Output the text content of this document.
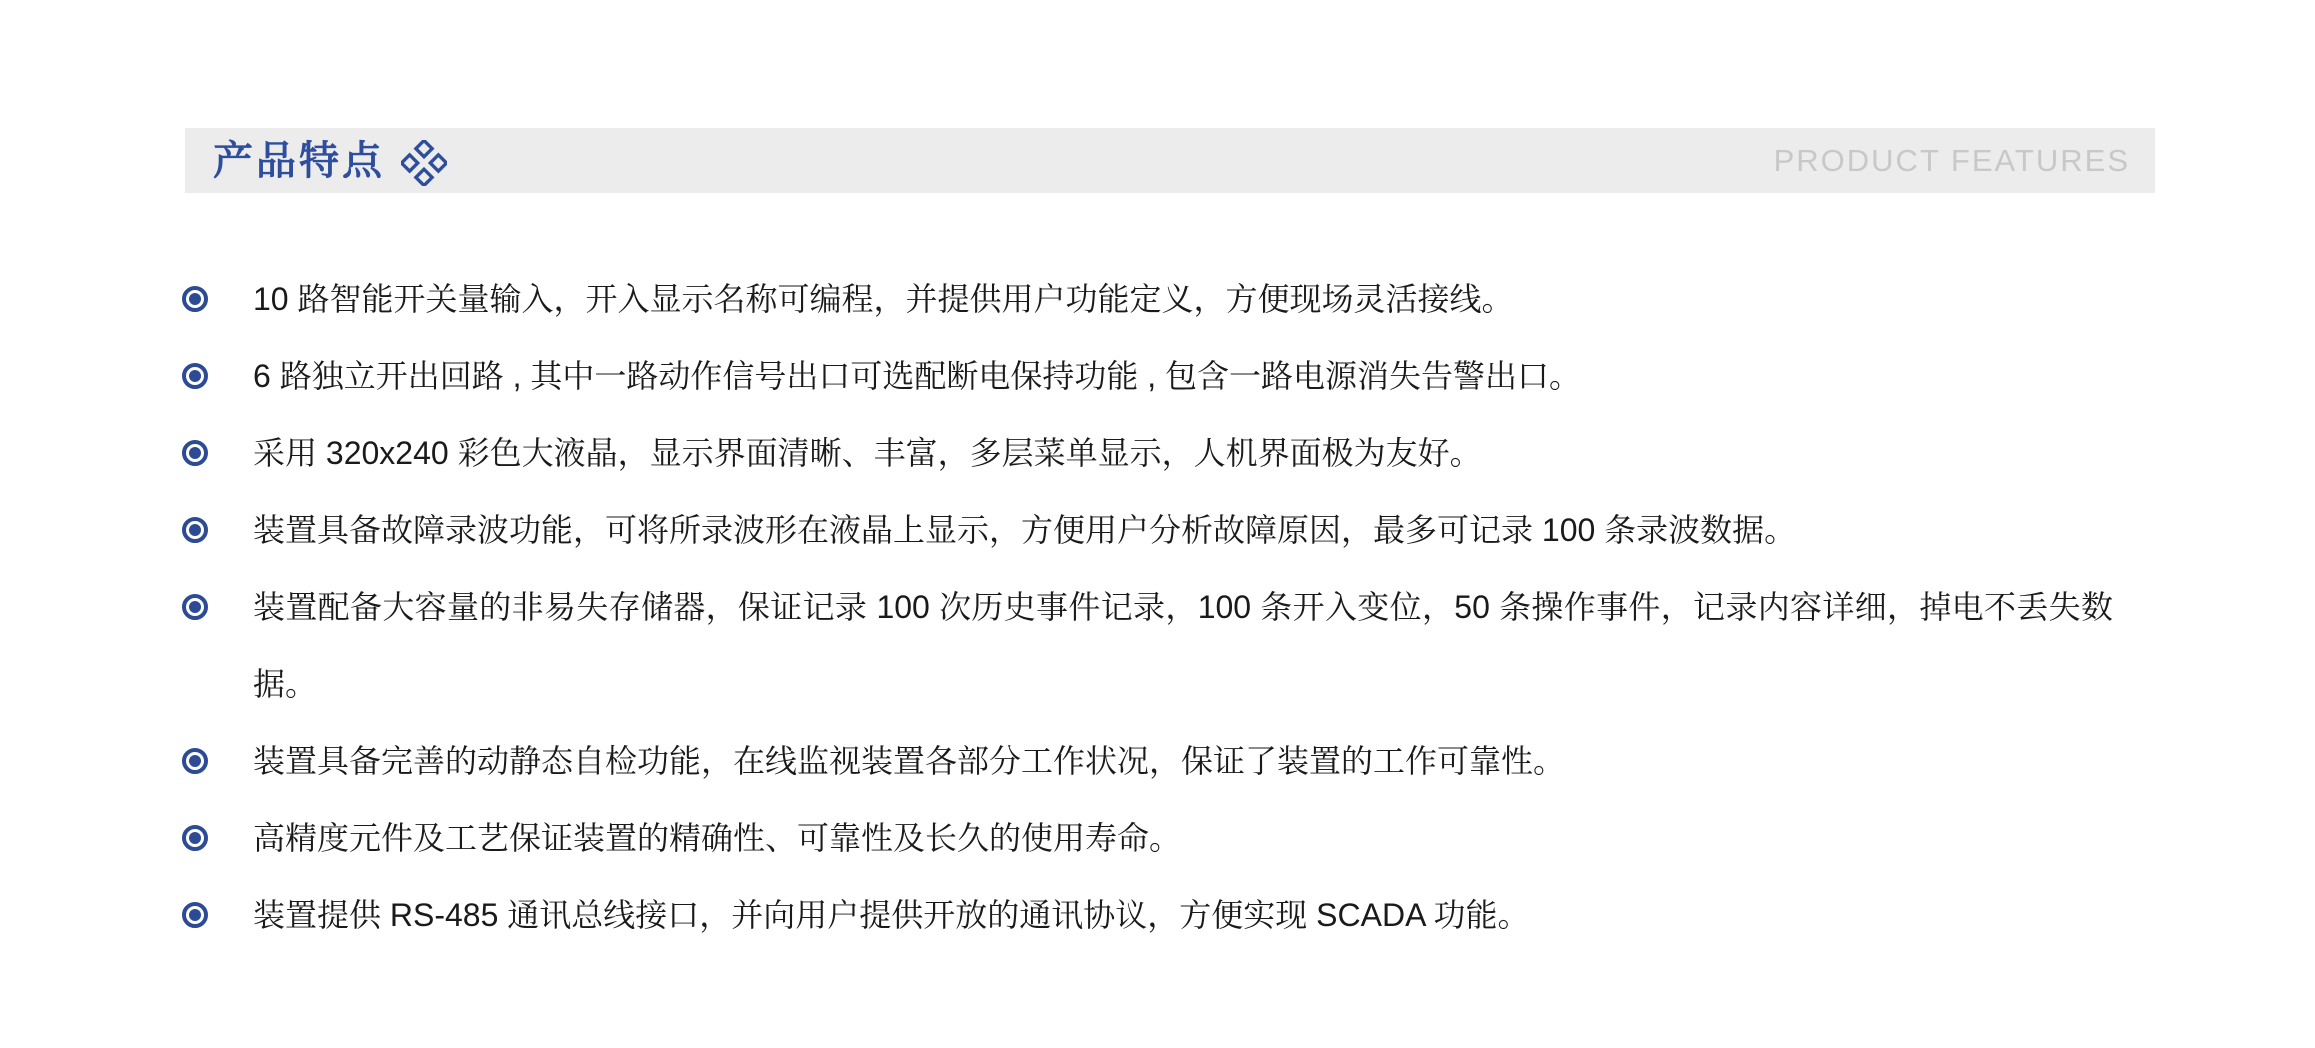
产品特点	PRODUCT FEATURES
10 路智能开关量输入，开入显示名称可编程，并提供用户功能定义，方便现场灵活接线。
6 路独立开出回路 , 其中一路动作信号出口可选配断电保持功能 , 包含一路电源消失告警出口。
采用 320x240 彩色大液晶，显示界面清晰、丰富，多层菜单显示，人机界面极为友好。
装置具备故障录波功能，可将所录波形在液晶上显示，方便用户分析故障原因，最多可记录 100 条录波数据。
装置配备大容量的非易失存储器，保证记录 100 次历史事件记录，100 条开入变位，50 条操作事件，记录内容详细，掉电不丢失数据。
装置具备完善的动静态自检功能，在线监视装置各部分工作状况，保证了装置的工作可靠性。
高精度元件及工艺保证装置的精确性、可靠性及长久的使用寿命。
装置提供 RS-485 通讯总线接口，并向用户提供开放的通讯协议，方便实现 SCADA 功能。
